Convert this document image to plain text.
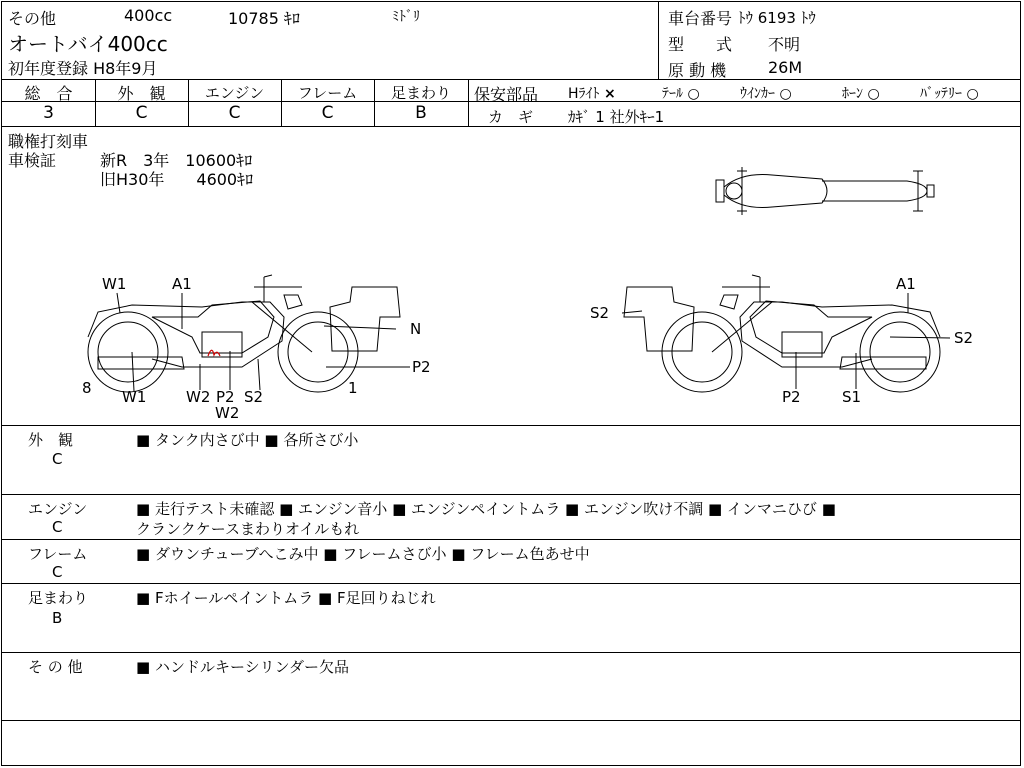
その他	400cc	10785 ｷﾛ	ﾐﾄﾞﾘ
オートバイ400cc
初年度登録 H8年9月
車台番号 ﾄｳ 6193 ﾄｳ
型　　式 不明
原 動 機	26M
総　合	外　観	エンジン	フレーム	足まわり
3	C	C	C	B
保安部品 Hﾗｲﾄ ×	ﾃｰﾙ ○	ｳｲﾝｶｰ ○	ﾎｰﾝ ○	ﾊﾞｯﾃﾘｰ ○
カ　ギ ｶｷﾞ 1 社外ｷｰ1
職権打刻車
車検証	新R　3年　10600ｷﾛ
旧H30年　　4600ｷﾛ
W1	A1
N
P2
8 W1	W2 P2 S2
W2
1
S2
A1
S2
P2	S1
外　観
C
■ タンク内さび中 ■ 各所さび小
エンジン
C
■ 走行テスト未確認 ■ エンジン音小 ■ エンジンペイントムラ ■ エンジン吹け不調 ■ インマニひび ■
クランクケースまわりオイルもれ
フレーム
C
■ ダウンチューブへこみ中 ■ フレームさび小 ■ フレーム色あせ中
足まわり
B
■ Fホイールペイントムラ ■ F足回りねじれ
そ の 他	■ ハンドルキーシリンダー欠品
